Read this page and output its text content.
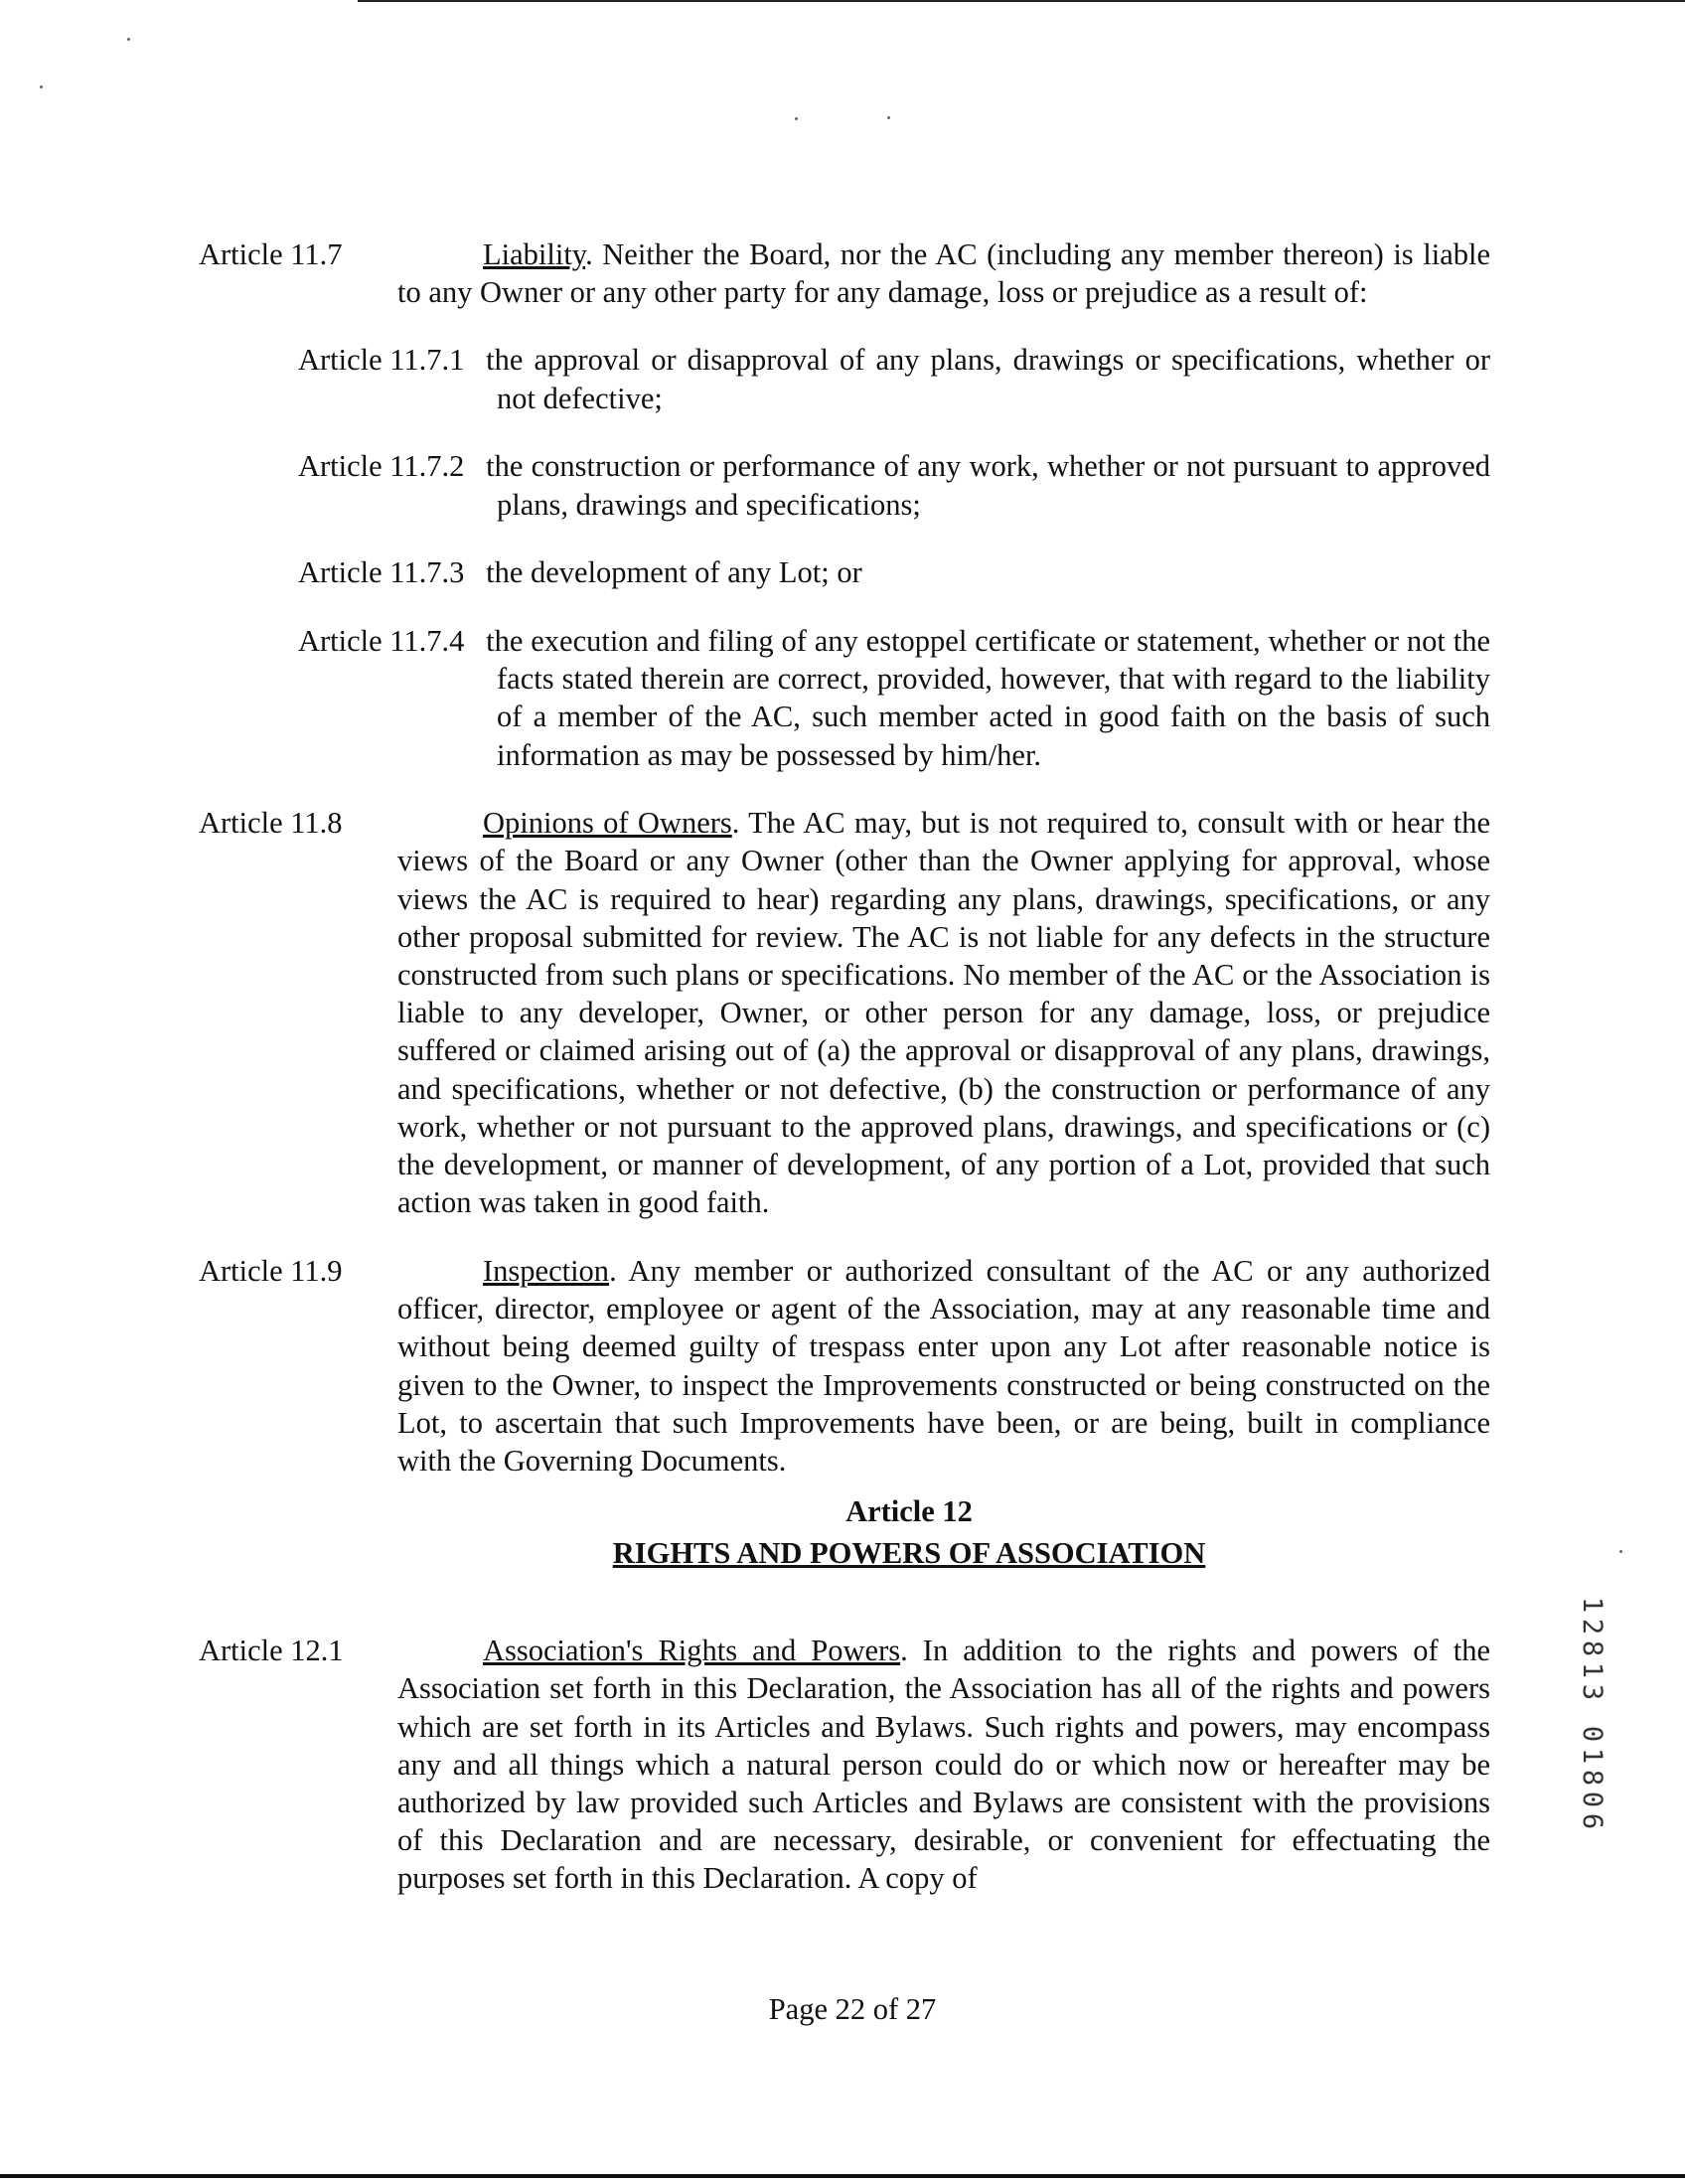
Article 11.7	Liability. Neither the Board, nor the AC (including any member thereon) is liable to any Owner or any other party for any damage, loss or prejudice as a result of:

Article 11.7.1 the approval or disapproval of any plans, drawings or specifications, whether or not defective;

Article 11.7.2 the construction or performance of any work, whether or not pursuant to approved plans, drawings and specifications;

Article 11.7.3 the development of any Lot; or

Article 11.7.4 the execution and filing of any estoppel certificate or statement, whether or not the facts stated therein are correct, provided, however, that with regard to the liability of a member of the AC, such member acted in good faith on the basis of such information as may be possessed by him/her.

Article 11.8	Opinions of Owners. The AC may, but is not required to, consult with or hear the views of the Board or any Owner (other than the Owner applying for approval, whose views the AC is required to hear) regarding any plans, drawings, specifications, or any other proposal submitted for review. The AC is not liable for any defects in the structure constructed from such plans or specifications. No member of the AC or the Association is liable to any developer, Owner, or other person for any damage, loss, or prejudice suffered or claimed arising out of (a) the approval or disapproval of any plans, drawings, and specifications, whether or not defective, (b) the construction or performance of any work, whether or not pursuant to the approved plans, drawings, and specifications or (c) the development, or manner of development, of any portion of a Lot, provided that such action was taken in good faith.

Article 11.9	Inspection. Any member or authorized consultant of the AC or any authorized officer, director, employee or agent of the Association, may at any reasonable time and without being deemed guilty of trespass enter upon any Lot after reasonable notice is given to the Owner, to inspect the Improvements constructed or being constructed on the Lot, to ascertain that such Improvements have been, or are being, built in compliance with the Governing Documents.

Article 12
RIGHTS AND POWERS OF ASSOCIATION

Article 12.1	Association's Rights and Powers. In addition to the rights and powers of the Association set forth in this Declaration, the Association has all of the rights and powers which are set forth in its Articles and Bylaws. Such rights and powers, may encompass any and all things which a natural person could do or which now or hereafter may be authorized by law provided such Articles and Bylaws are consistent with the provisions of this Declaration and are necessary, desirable, or convenient for effectuating the purposes set forth in this Declaration. A copy of

1
2
8
1
3
0
1
8
0
6
Page 22 of 27
